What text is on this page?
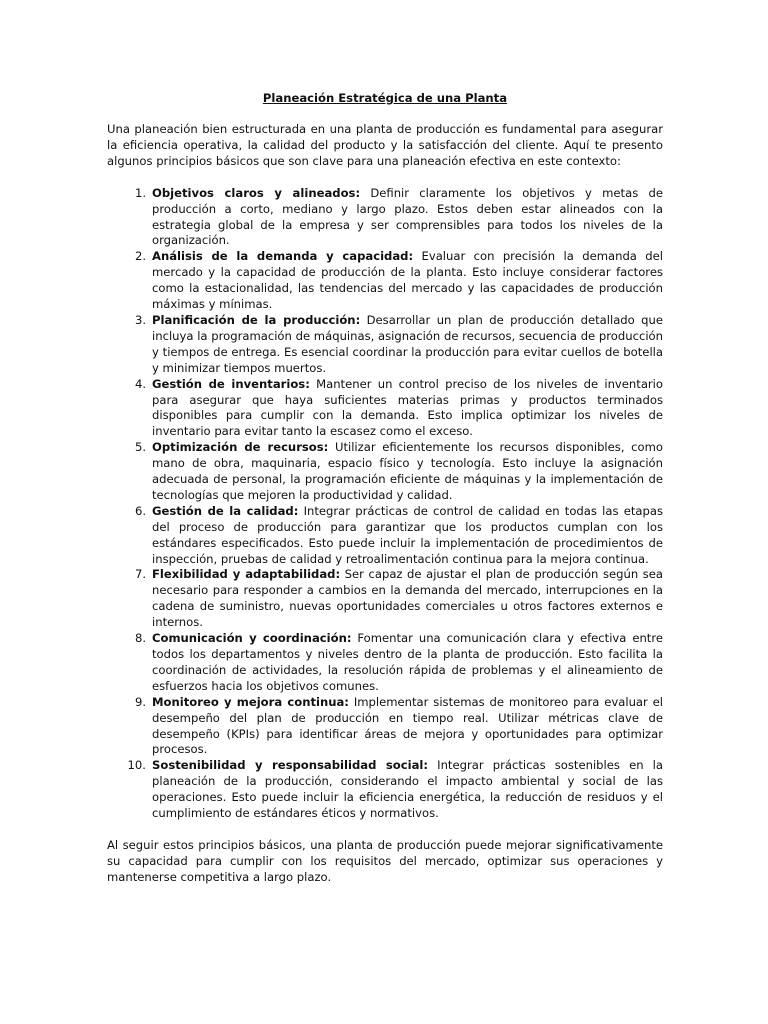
Planeación Estratégica de una Planta

Una planeación bien estructurada en una planta de producción es fundamental para asegurar la eficiencia operativa, la calidad del producto y la satisfacción del cliente. Aquí te presento algunos principios básicos que son clave para una planeación efectiva en este contexto:

1. Objetivos claros y alineados: Definir claramente los objetivos y metas de producción a corto, mediano y largo plazo. Estos deben estar alineados con la estrategia global de la empresa y ser comprensibles para todos los niveles de la organización.
2. Análisis de la demanda y capacidad: Evaluar con precisión la demanda del mercado y la capacidad de producción de la planta. Esto incluye considerar factores como la estacionalidad, las tendencias del mercado y las capacidades de producción máximas y mínimas.
3. Planificación de la producción: Desarrollar un plan de producción detallado que incluya la programación de máquinas, asignación de recursos, secuencia de producción y tiempos de entrega. Es esencial coordinar la producción para evitar cuellos de botella y minimizar tiempos muertos.
4. Gestión de inventarios: Mantener un control preciso de los niveles de inventario para asegurar que haya suficientes materias primas y productos terminados disponibles para cumplir con la demanda. Esto implica optimizar los niveles de inventario para evitar tanto la escasez como el exceso.
5. Optimización de recursos: Utilizar eficientemente los recursos disponibles, como mano de obra, maquinaria, espacio físico y tecnología. Esto incluye la asignación adecuada de personal, la programación eficiente de máquinas y la implementación de tecnologías que mejoren la productividad y calidad.
6. Gestión de la calidad: Integrar prácticas de control de calidad en todas las etapas del proceso de producción para garantizar que los productos cumplan con los estándares especificados. Esto puede incluir la implementación de procedimientos de inspección, pruebas de calidad y retroalimentación continua para la mejora continua.
7. Flexibilidad y adaptabilidad: Ser capaz de ajustar el plan de producción según sea necesario para responder a cambios en la demanda del mercado, interrupciones en la cadena de suministro, nuevas oportunidades comerciales u otros factores externos e internos.
8. Comunicación y coordinación: Fomentar una comunicación clara y efectiva entre todos los departamentos y niveles dentro de la planta de producción. Esto facilita la coordinación de actividades, la resolución rápida de problemas y el alineamiento de esfuerzos hacia los objetivos comunes.
9. Monitoreo y mejora continua: Implementar sistemas de monitoreo para evaluar el desempeño del plan de producción en tiempo real. Utilizar métricas clave de desempeño (KPIs) para identificar áreas de mejora y oportunidades para optimizar procesos.
10. Sostenibilidad y responsabilidad social: Integrar prácticas sostenibles en la planeación de la producción, considerando el impacto ambiental y social de las operaciones. Esto puede incluir la eficiencia energética, la reducción de residuos y el cumplimiento de estándares éticos y normativos.

Al seguir estos principios básicos, una planta de producción puede mejorar significativamente su capacidad para cumplir con los requisitos del mercado, optimizar sus operaciones y mantenerse competitiva a largo plazo.
